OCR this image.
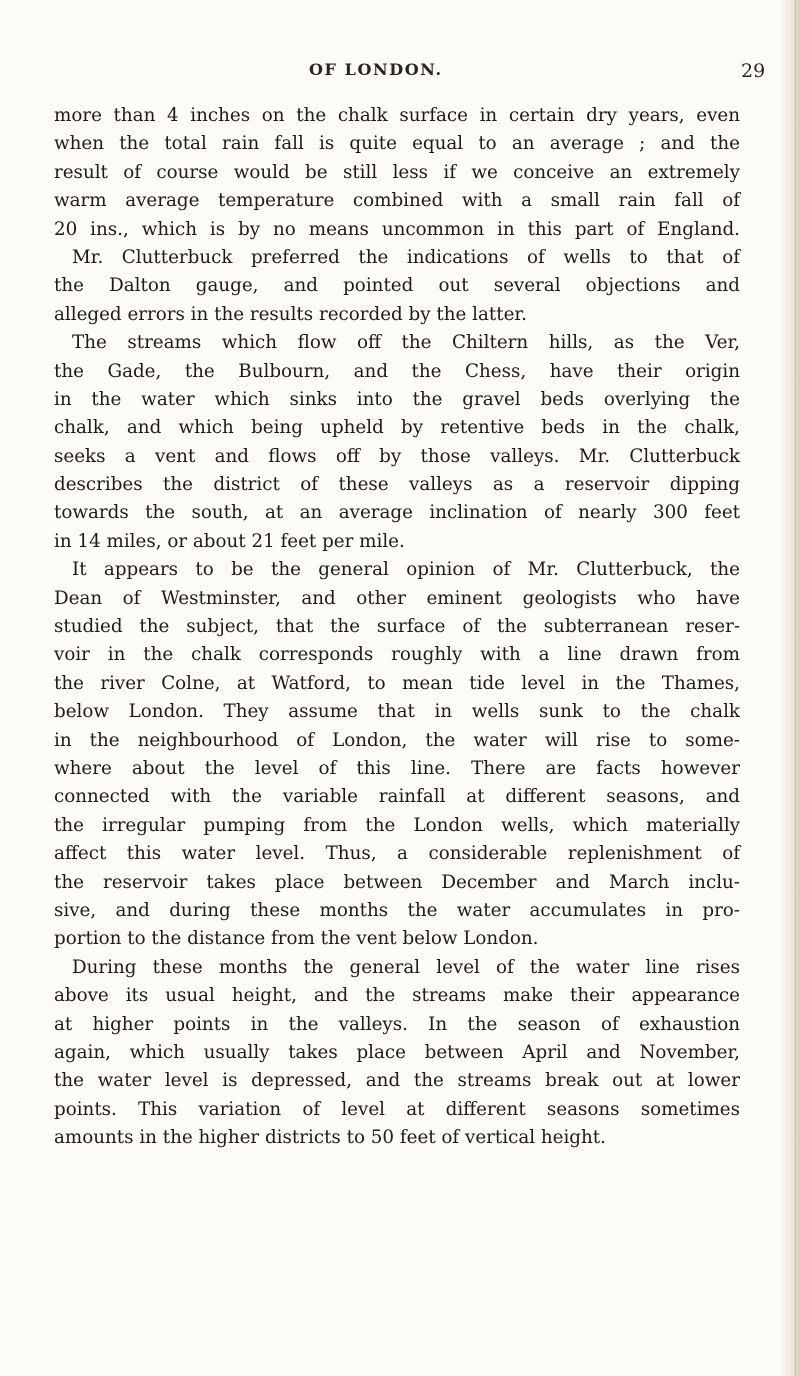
OF LONDON.	29
more than 4 inches on the chalk surface in certain dry years, even
when the total rain fall is quite equal to an average ; and the
result of course would be still less if we conceive an extremely
warm average temperature combined with a small rain fall of
20 ins., which is by no means uncommon in this part of England.
Mr. Clutterbuck preferred the indications of wells to that of
the Dalton gauge, and pointed out several objections and
alleged errors in the results recorded by the latter.
The streams which flow off the Chiltern hills, as the Ver,
the Gade, the Bulbourn, and the Chess, have their origin
in the water which sinks into the gravel beds overlying the
chalk, and which being upheld by retentive beds in the chalk,
seeks a vent and flows off by those valleys. Mr. Clutterbuck
describes the district of these valleys as a reservoir dipping
towards the south, at an average inclination of nearly 300 feet
in 14 miles, or about 21 feet per mile.
It appears to be the general opinion of Mr. Clutterbuck, the
Dean of Westminster, and other eminent geologists who have
studied the subject, that the surface of the subterranean reser-
voir in the chalk corresponds roughly with a line drawn from
the river Colne, at Watford, to mean tide level in the Thames,
below London. They assume that in wells sunk to the chalk
in the neighbourhood of London, the water will rise to some-
where about the level of this line. There are facts however
connected with the variable rainfall at different seasons, and
the irregular pumping from the London wells, which materially
affect this water level. Thus, a considerable replenishment of
the reservoir takes place between December and March inclu-
sive, and during these months the water accumulates in pro-
portion to the distance from the vent below London.
During these months the general level of the water line rises
above its usual height, and the streams make their appearance
at higher points in the valleys. In the season of exhaustion
again, which usually takes place between April and November,
the water level is depressed, and the streams break out at lower
points. This variation of level at different seasons sometimes
amounts in the higher districts to 50 feet of vertical height.
